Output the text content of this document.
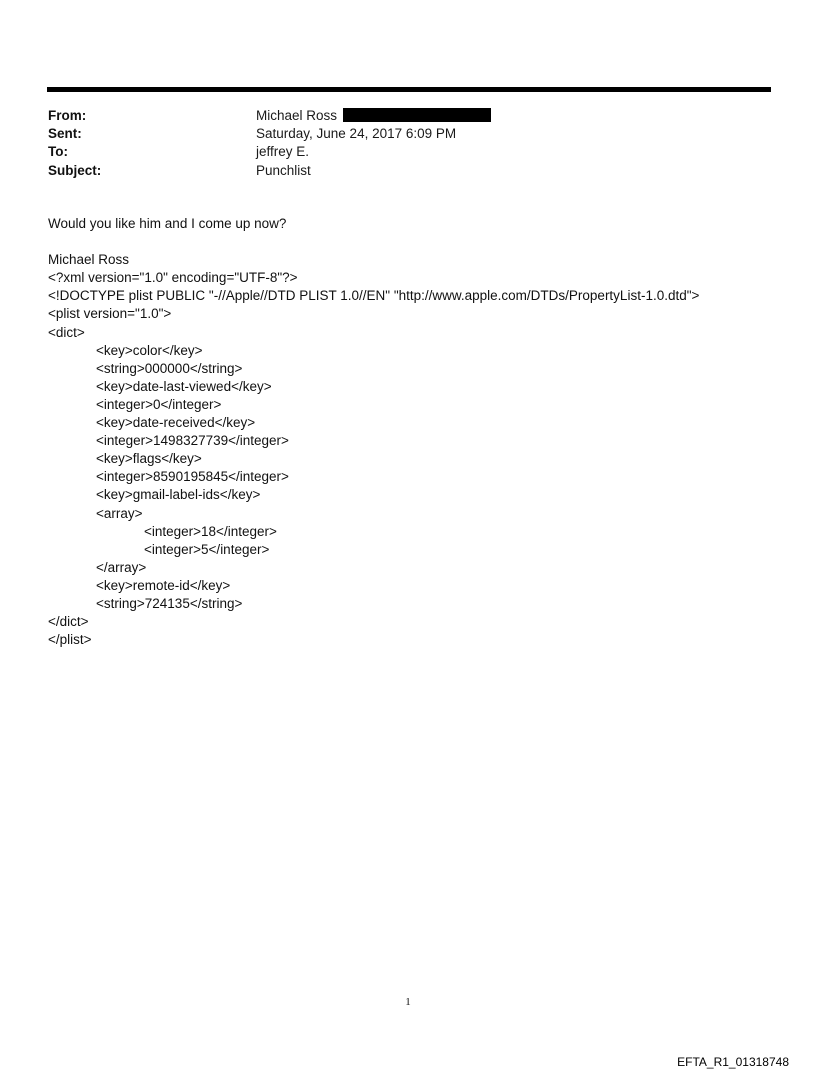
From:	Michael Ross
Sent:	Saturday, June 24, 2017 6:09 PM
To:	jeffrey E.
Subject:	Punchlist
Would you like him and I come up now?
Michael Ross
<?xml version="1.0" encoding="UTF-8"?>
<!DOCTYPE plist PUBLIC "-//Apple//DTD PLIST 1.0//EN" "http://www.apple.com/DTDs/PropertyList-1.0.dtd">
<plist version="1.0">
<dict>
<key>color</key>
<string>000000</string>
<key>date-last-viewed</key>
<integer>0</integer>
<key>date-received</key>
<integer>1498327739</integer>
<key>flags</key>
<integer>8590195845</integer>
<key>gmail-label-ids</key>
<array>
<integer>18</integer>
<integer>5</integer>
</array>
<key>remote-id</key>
<string>724135</string>
</dict>
</plist>
1
EFTA_R1_01318748
